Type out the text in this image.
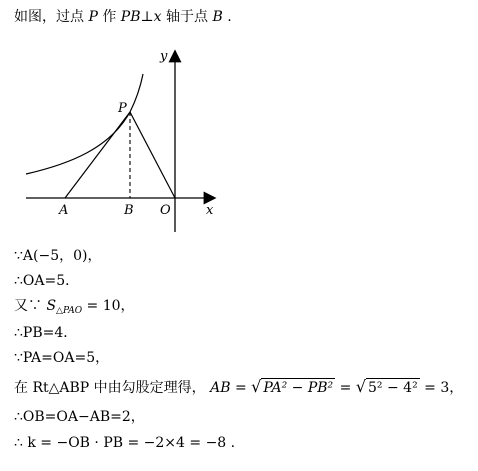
如图，过点 P 作 PB⊥x 轴于点 B .
y
x
P
A	B O
∵A(−5，0)，
∴OA=5．
又∵ $S_{\triangle PAO} = 10$，
∴PB=4．
∵PA=OA=5，
在 Rt△ABP 中由勾股定理得， AB = √ PA² − PB² = √ 5² − 4² = 3，
∴OB=OA−AB=2，
∴ k = −OB · PB = −2×4 = −8 .
